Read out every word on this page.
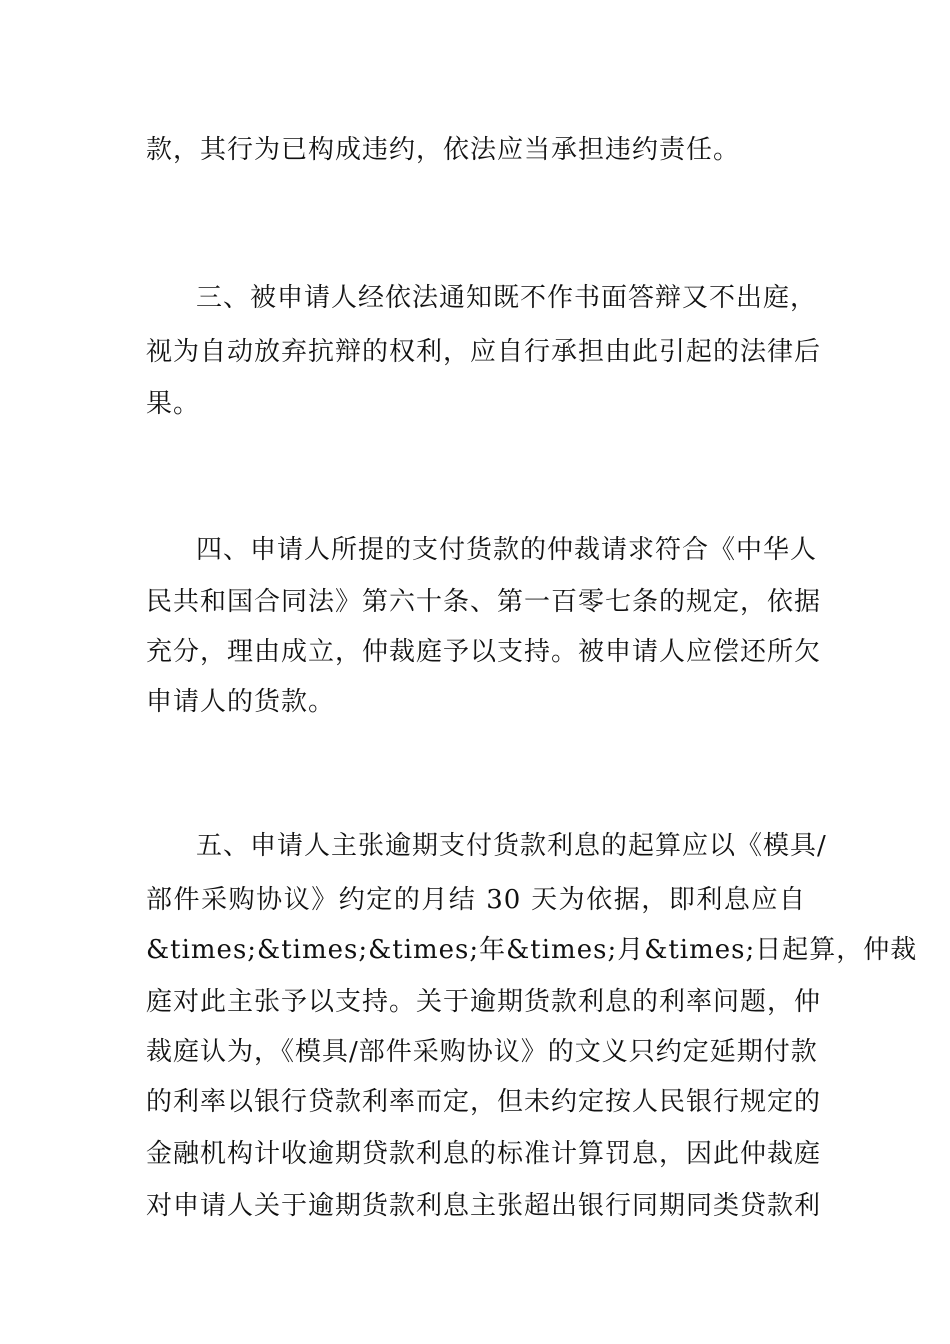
款，其行为已构成违约，依法应当承担违约责任。
三、被申请人经依法通知既不作书面答辩又不出庭，
视为自动放弃抗辩的权利，应自行承担由此引起的法律后
果。
四、申请人所提的支付货款的仲裁请求符合《中华人
民共和国合同法》第六十条、第一百零七条的规定，依据
充分，理由成立，仲裁庭予以支持。被申请人应偿还所欠
申请人的货款。
五、申请人主张逾期支付货款利息的起算应以《模具/
部件采购协议》约定的月结 30 天为依据，即利息应自
&times;&times;&times;年&times;月&times;日起算，仲裁
庭对此主张予以支持。关于逾期货款利息的利率问题，仲
裁庭认为，《模具/部件采购协议》的文义只约定延期付款
的利率以银行贷款利率而定，但未约定按人民银行规定的
金融机构计收逾期贷款利息的标准计算罚息，因此仲裁庭
对申请人关于逾期货款利息主张超出银行同期同类贷款利
